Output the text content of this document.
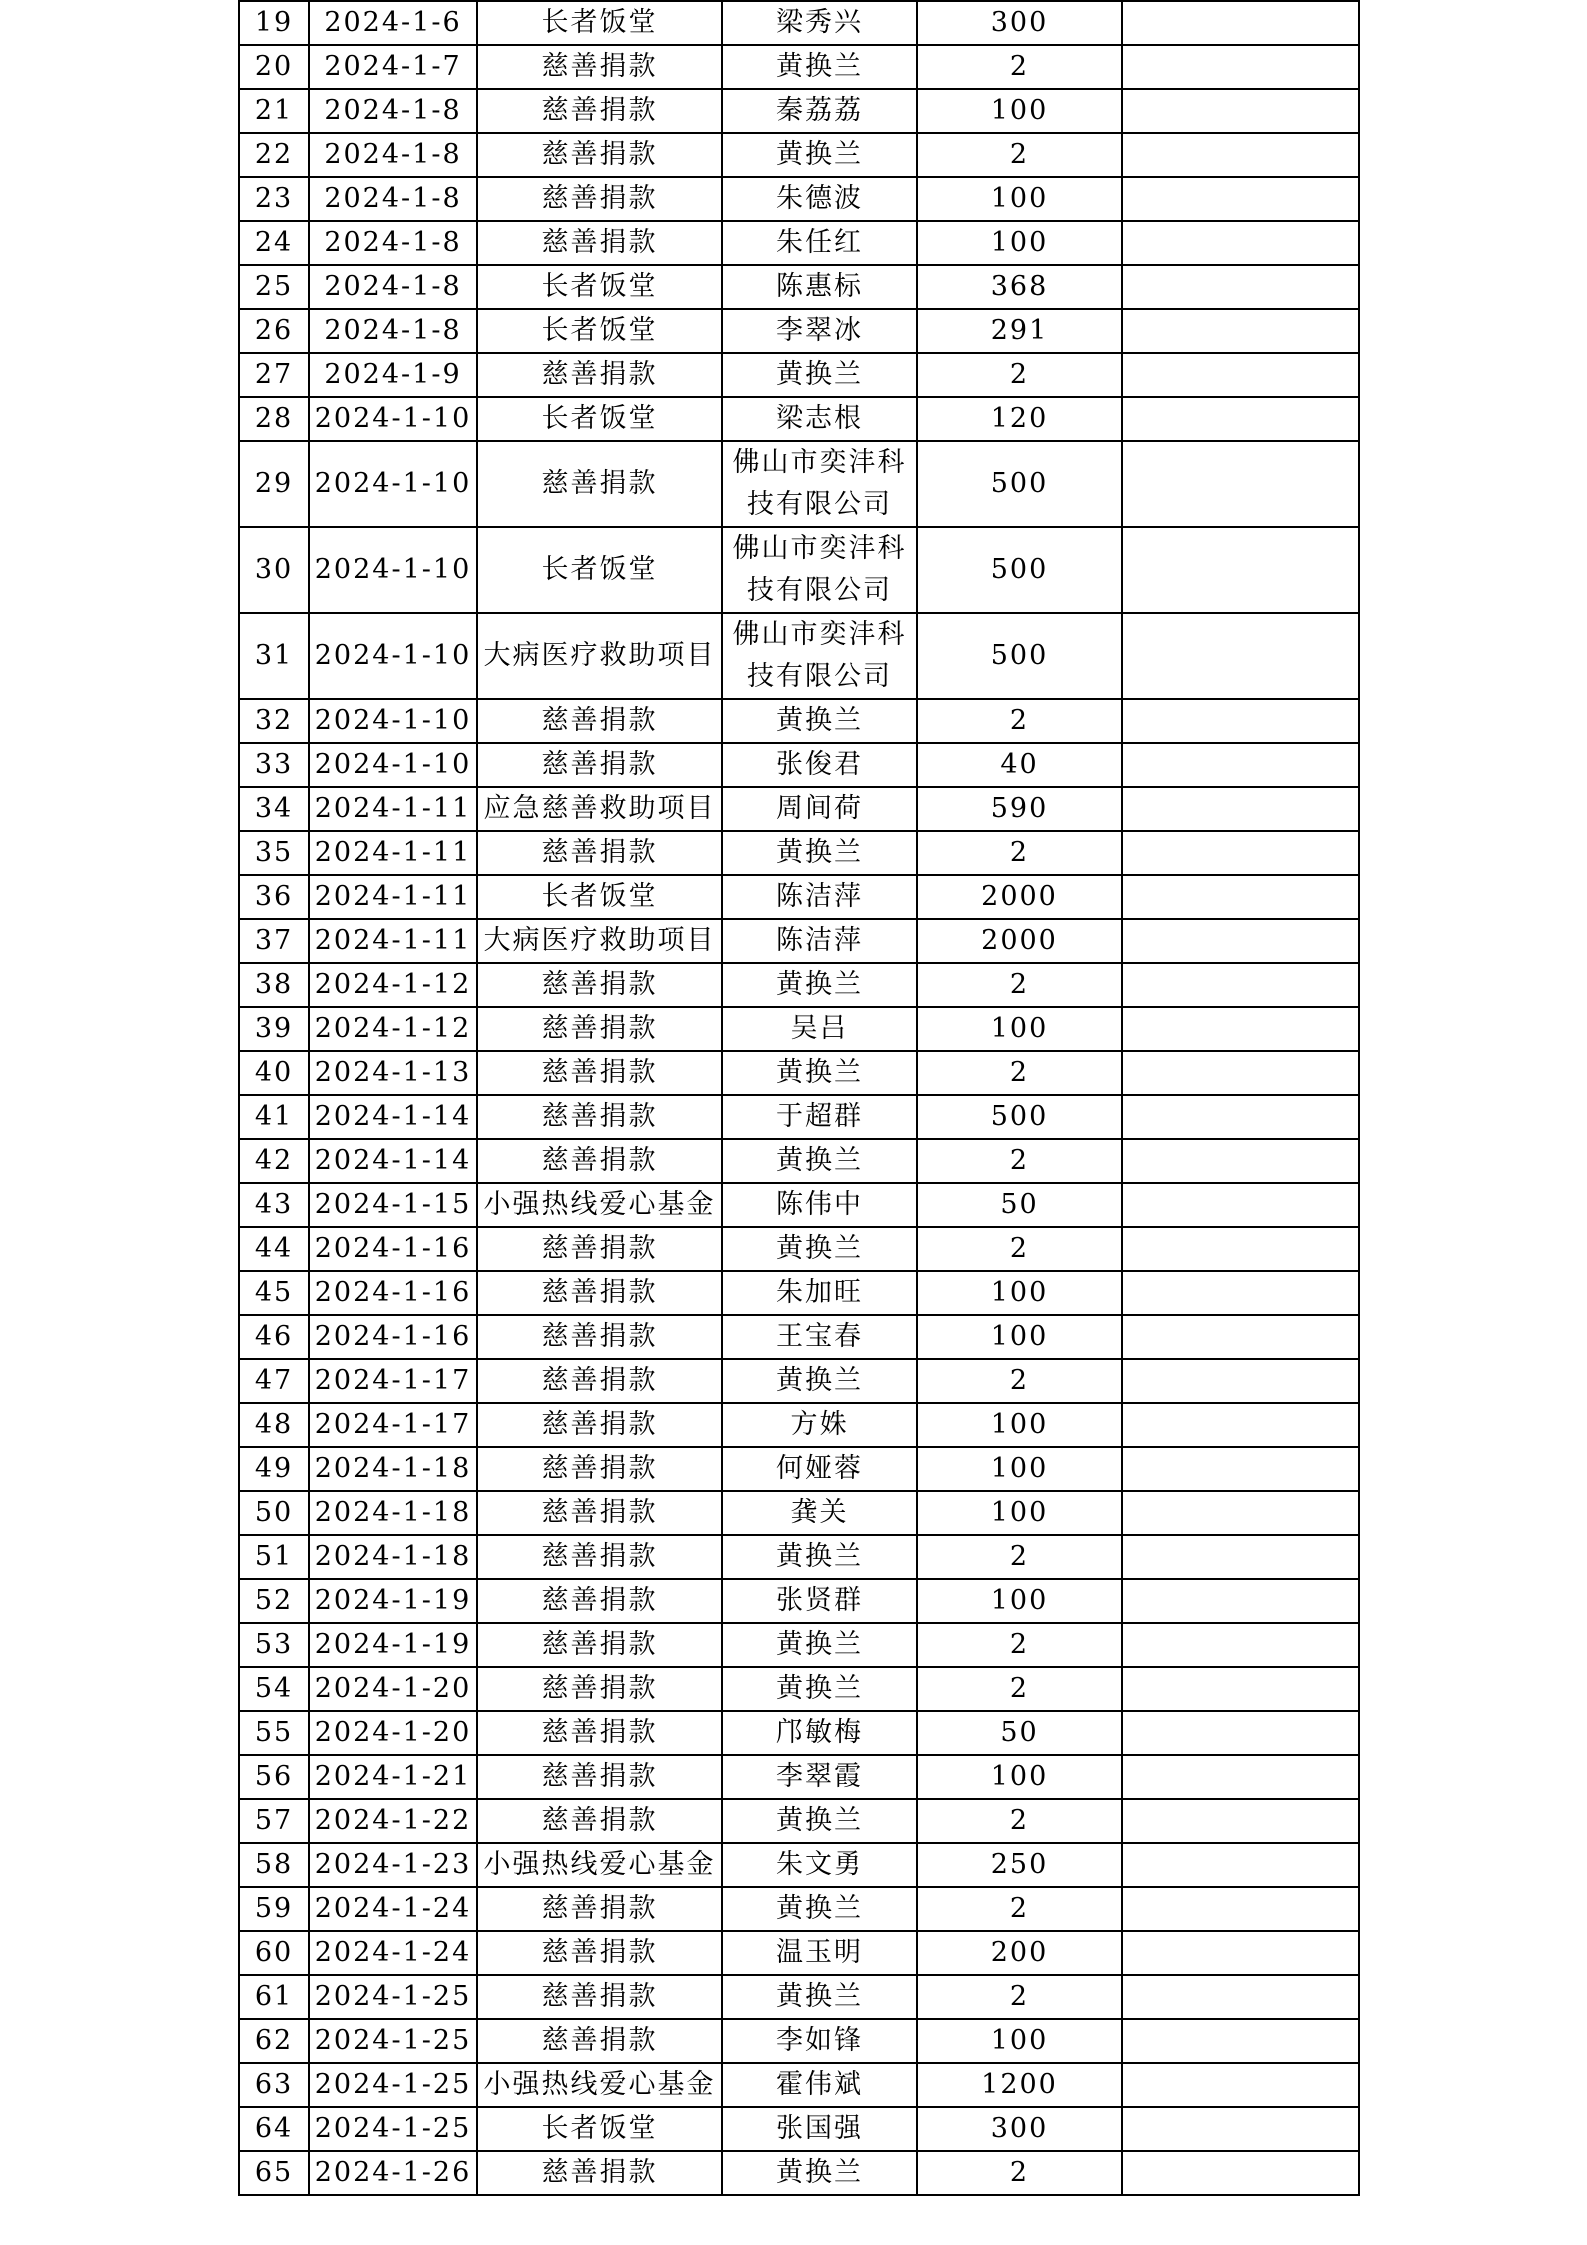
19	2024-1-6	长者饭堂	梁秀兴	300	
20	2024-1-7	慈善捐款	黄换兰	2	
21	2024-1-8	慈善捐款	秦荔荔	100	
22	2024-1-8	慈善捐款	黄换兰	2	
23	2024-1-8	慈善捐款	朱德波	100	
24	2024-1-8	慈善捐款	朱任红	100	
25	2024-1-8	长者饭堂	陈惠标	368	
26	2024-1-8	长者饭堂	李翠冰	291	
27	2024-1-9	慈善捐款	黄换兰	2	
28	2024-1-10	长者饭堂	梁志根	120	
29	2024-1-10	慈善捐款	佛山市奕沣科
技有限公司	500	
30	2024-1-10	长者饭堂	佛山市奕沣科
技有限公司	500	
31	2024-1-10	大病医疗救助项目	佛山市奕沣科
技有限公司	500	
32	2024-1-10	慈善捐款	黄换兰	2	
33	2024-1-10	慈善捐款	张俊君	40	
34	2024-1-11	应急慈善救助项目	周间荷	590	
35	2024-1-11	慈善捐款	黄换兰	2	
36	2024-1-11	长者饭堂	陈洁萍	2000	
37	2024-1-11	大病医疗救助项目	陈洁萍	2000	
38	2024-1-12	慈善捐款	黄换兰	2	
39	2024-1-12	慈善捐款	吴吕	100	
40	2024-1-13	慈善捐款	黄换兰	2	
41	2024-1-14	慈善捐款	于超群	500	
42	2024-1-14	慈善捐款	黄换兰	2	
43	2024-1-15	小强热线爱心基金	陈伟中	50	
44	2024-1-16	慈善捐款	黄换兰	2	
45	2024-1-16	慈善捐款	朱加旺	100	
46	2024-1-16	慈善捐款	王宝春	100	
47	2024-1-17	慈善捐款	黄换兰	2	
48	2024-1-17	慈善捐款	方姝	100	
49	2024-1-18	慈善捐款	何娅蓉	100	
50	2024-1-18	慈善捐款	龚关	100	
51	2024-1-18	慈善捐款	黄换兰	2	
52	2024-1-19	慈善捐款	张贤群	100	
53	2024-1-19	慈善捐款	黄换兰	2	
54	2024-1-20	慈善捐款	黄换兰	2	
55	2024-1-20	慈善捐款	邝敏梅	50	
56	2024-1-21	慈善捐款	李翠霞	100	
57	2024-1-22	慈善捐款	黄换兰	2	
58	2024-1-23	小强热线爱心基金	朱文勇	250	
59	2024-1-24	慈善捐款	黄换兰	2	
60	2024-1-24	慈善捐款	温玉明	200	
61	2024-1-25	慈善捐款	黄换兰	2	
62	2024-1-25	慈善捐款	李如锋	100	
63	2024-1-25	小强热线爱心基金	霍伟斌	1200	
64	2024-1-25	长者饭堂	张国强	300	
65	2024-1-26	慈善捐款	黄换兰	2	
